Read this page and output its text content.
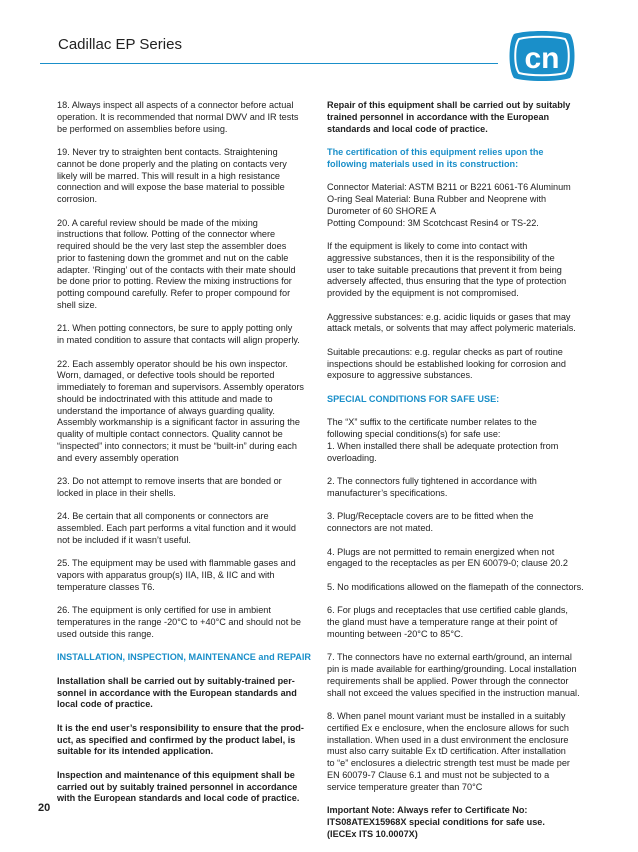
Cadillac EP Series	cn

18. Always inspect all aspects of a connector before actual
operation. It is recommended that normal DWV and IR tests
be performed on assemblies before using.

19. Never try to straighten bent contacts. Straightening
cannot be done properly and the plating on contacts very
likely will be marred. This will result in a high resistance
connection and will expose the base material to possible
corrosion.

20. A careful review should be made of the mixing
instructions that follow. Potting of the connector where
required should be the very last step the assembler does
prior to fastening down the grommet and nut on the cable
adapter. ‘Ringing’ out of the contacts with their mate should
be done prior to potting. Review the mixing instructions for
potting compound carefully. Refer to proper compound for
shell size.

21. When potting connectors, be sure to apply potting only
in mated condition to assure that contacts will align properly.

22. Each assembly operator should be his own inspector.
Worn, damaged, or defective tools should be reported
immediately to foreman and supervisors. Assembly operators
should be indoctrinated with this attitude and made to
understand the importance of always guarding quality.
Assembly workmanship is a significant factor in assuring the
quality of multiple contact connectors. Quality cannot be
“inspected” into connectors; it must be “built-in” during each
and every assembly operation

23. Do not attempt to remove inserts that are bonded or
locked in place in their shells.

24. Be certain that all components or connectors are
assembled. Each part performs a vital function and it would
not be included if it wasn’t useful.

25. The equipment may be used with flammable gases and
vapors with apparatus group(s) IIA, IIB, & IIC and with
temperature classes T6.

26. The equipment is only certified for use in ambient
temperatures in the range -20°C to +40°C and should not be
used outside this range.

INSTALLATION, INSPECTION, MAINTENANCE and REPAIR

Installation shall be carried out by suitably-trained per-
sonnel in accordance with the European standards and
local code of practice.

It is the end user’s responsibility to ensure that the prod-
uct, as specified and confirmed by the product label, is
suitable for its intended application.

Inspection and maintenance of this equipment shall be
carried out by suitably trained personnel in accordance
with the European standards and local code of practice.

Repair of this equipment shall be carried out by suitably
trained personnel in accordance with the European
standards and local code of practice.

The certification of this equipment relies upon the
following materials used in its construction:

Connector Material: ASTM B211 or B221 6061-T6 Aluminum
O-ring Seal Material: Buna Rubber and Neoprene with
Durometer of 60 SHORE A
Potting Compound: 3M Scotchcast Resin4 or TS-22.

If the equipment is likely to come into contact with
aggressive substances, then it is the responsibility of the
user to take suitable precautions that prevent it from being
adversely affected, thus ensuring that the type of protection
provided by the equipment is not compromised.

Aggressive substances: e.g. acidic liquids or gases that may
attack metals, or solvents that may affect polymeric materials.

Suitable precautions: e.g. regular checks as part of routine
inspections should be established looking for corrosion and
exposure to aggressive substances.

SPECIAL CONDITIONS FOR SAFE USE:

The “X” suffix to the certificate number relates to the
following special conditions(s) for safe use:
1. When installed there shall be adequate protection from
overloading.

2. The connectors fully tightened in accordance with
manufacturer’s specifications.

3. Plug/Receptacle covers are to be fitted when the
connectors are not mated.

4. Plugs are not permitted to remain energized when not
engaged to the receptacles as per EN 60079-0; clause 20.2

5. No modifications allowed on the flamepath of the connectors.

6. For plugs and receptacles that use certified cable glands,
the gland must have a temperature range at their point of
mounting between -20°C to 85°C.

7. The connectors have no external earth/ground, an internal
pin is made available for earthing/grounding. Local installation
requirements shall be applied. Power through the connector
shall not exceed the values specified in the instruction manual.

8. When panel mount variant must be installed in a suitably
certified Ex e enclosure, when the enclosure allows for such
installation. When used in a dust environment the enclosure
must also carry suitable Ex tD certification. After installation
to “e” enclosures a dielectric strength test must be made per
EN 60079-7 Clause 6.1 and must not be subjected to a
service temperature greater than 70°C

Important Note: Always refer to Certificate No:
ITS08ATEX15968X special conditions for safe use.
(IECEx ITS 10.0007X)

20
